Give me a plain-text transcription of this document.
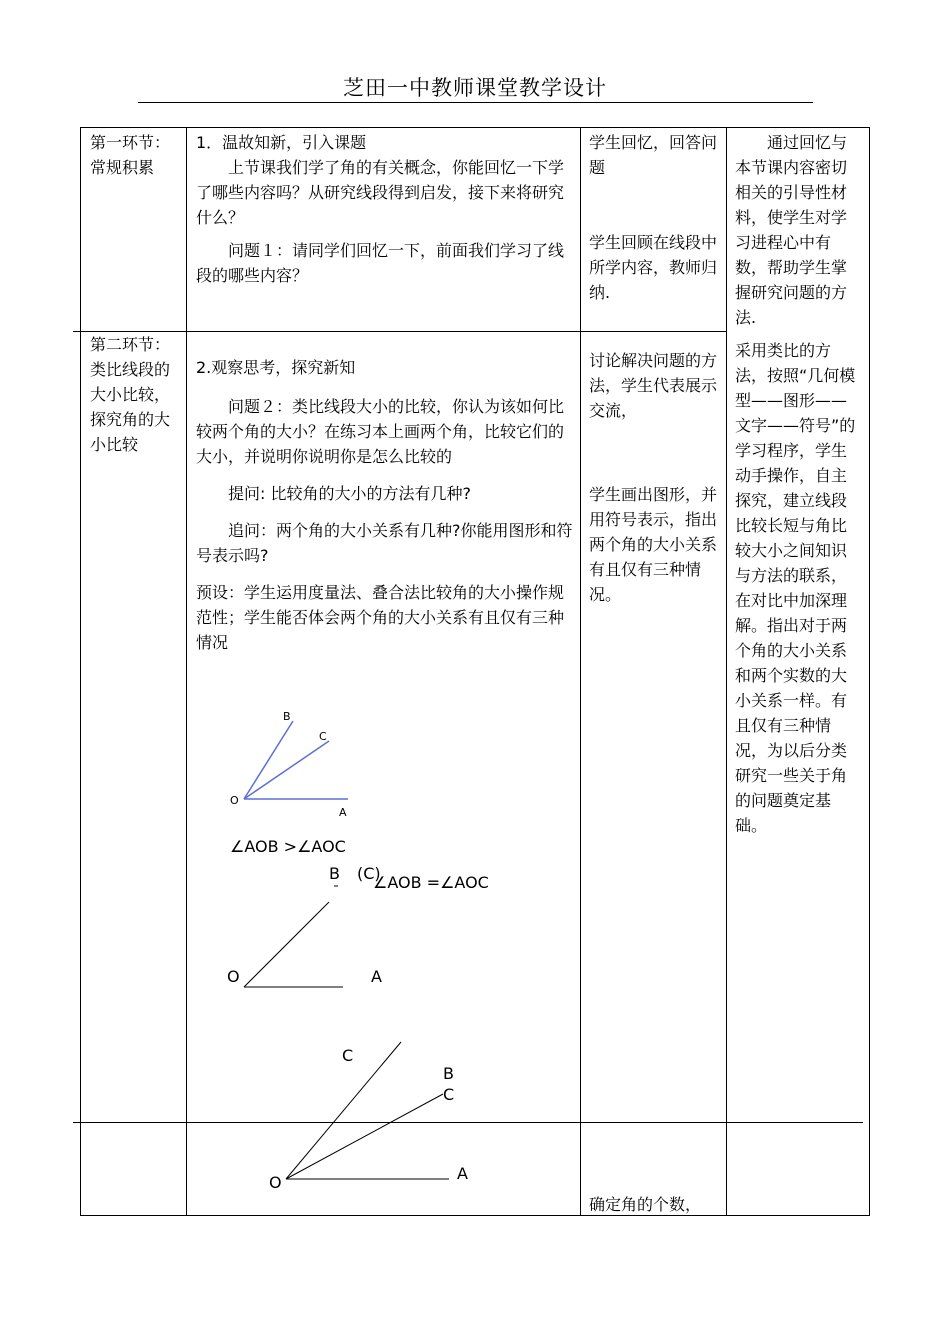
芝田一中教师课堂教学设计

第一环节：常规积累

1．温故知新，引入课题

上节课我们学了角的有关概念，你能回忆一下学了哪些内容吗？从研究线段得到启发，接下来将研究什么？

问题１：请同学们回忆一下，前面我们学习了线段的哪些内容？

学生回忆，回答问题

学生回顾在线段中所学内容，教师归纳.

通过回忆与本节课内容密切相关的引导性材料，使学生对学习进程心中有数，帮助学生掌握研究问题的方法.

采用类比的方法，按照“几何模型——图形——文字——符号”的学习程序，学生动手操作，自主探究，建立线段比较长短与角比较大小之间知识与方法的联系，在对比中加深理解。指出对于两个角的大小关系和两个实数的大小关系一样。有且仅有三种情况，为以后分类研究一些关于角的问题奠定基础。

第二环节：类比线段的大小比较，探究角的大小比较

2.观察思考，探究新知

问题２：类比线段大小的比较，你认为该如何比较两个角的大小？在练习本上画两个角，比较它们的大小，并说明你说明你是怎么比较的

提问: 比较角的大小的方法有几种?

追问：两个角的大小关系有几种?你能用图形和符号表示吗?

预设：学生运用度量法、叠合法比较角的大小操作规范性；学生能否体会两个角的大小关系有且仅有三种情况

讨论解决问题的方法，学生代表展示交流，

学生画出图形，并用符号表示，指出两个角的大小关系有且仅有三种情况。

O
A
B
C
∠AOB >∠AOC
B (C)
∠AOB =∠AOC
O	A
C
B
C
O	A

确定角的个数，
